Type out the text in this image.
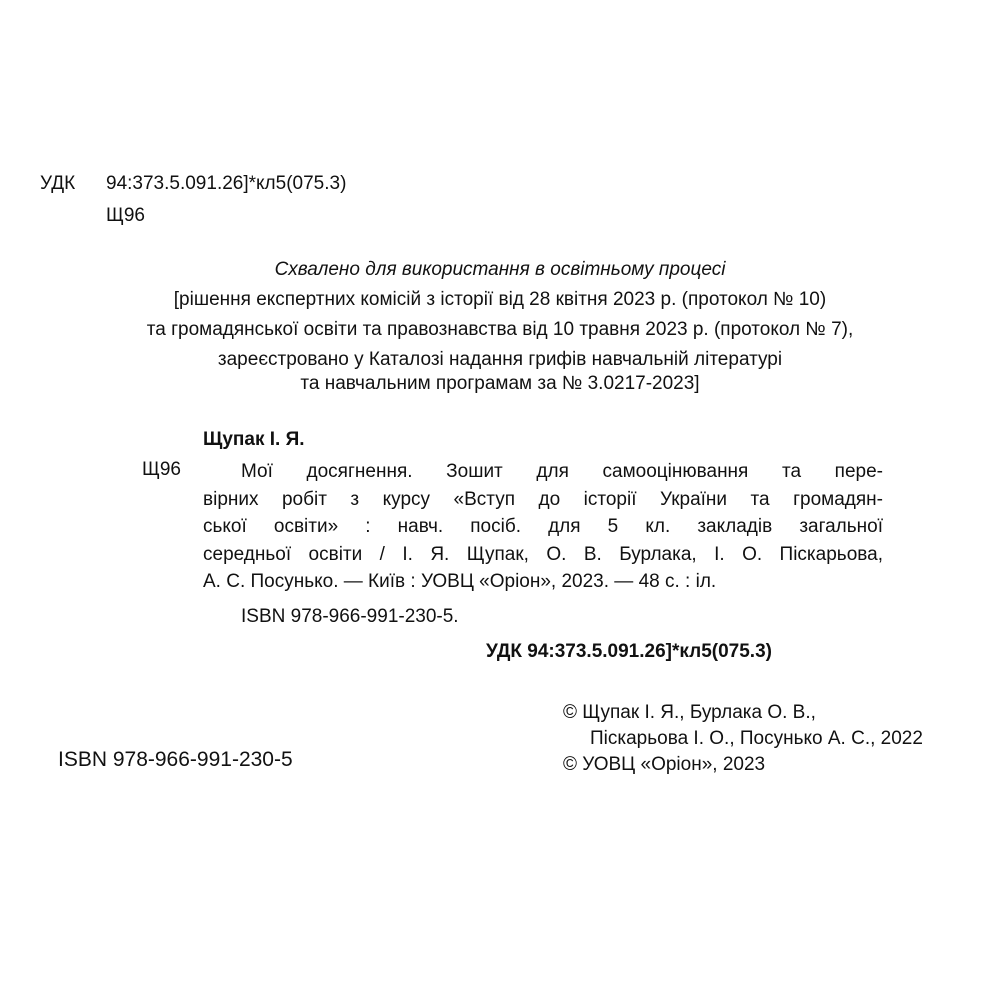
УДК 94:373.5.091.26]*кл5(075.3)
Щ96
Схвалено для використання в освітньому процесі
[рішення експертних комісій з історії від 28 квітня 2023 р. (протокол № 10)
та громадянської освіти та правознавства від 10 травня 2023 р. (протокол № 7),
зареєстровано у Каталозі надання грифів навчальній літературі
та навчальним програмам за № 3.0217-2023]
Щупак І. Я.
Щ96	Мої досягнення. Зошит для самооцінювання та пере-
вірних робіт з курсу «Вступ до історії України та громадян-
ської освіти» : навч. посіб. для 5 кл. закладів загальної
середньої освіти / І. Я. Щупак, О. В. Бурлака, І. О. Піскарьова,
А. С. Посунько. — Київ : УОВЦ «Оріон», 2023. — 48 с. : іл.
ISBN 978-966-991-230-5.
УДК 94:373.5.091.26]*кл5(075.3)
© Щупак І. Я., Бурлака О. В.,
Піскарьова І. О., Посунько А. С., 2022
© УОВЦ «Оріон», 2023
ISBN 978-966-991-230-5
